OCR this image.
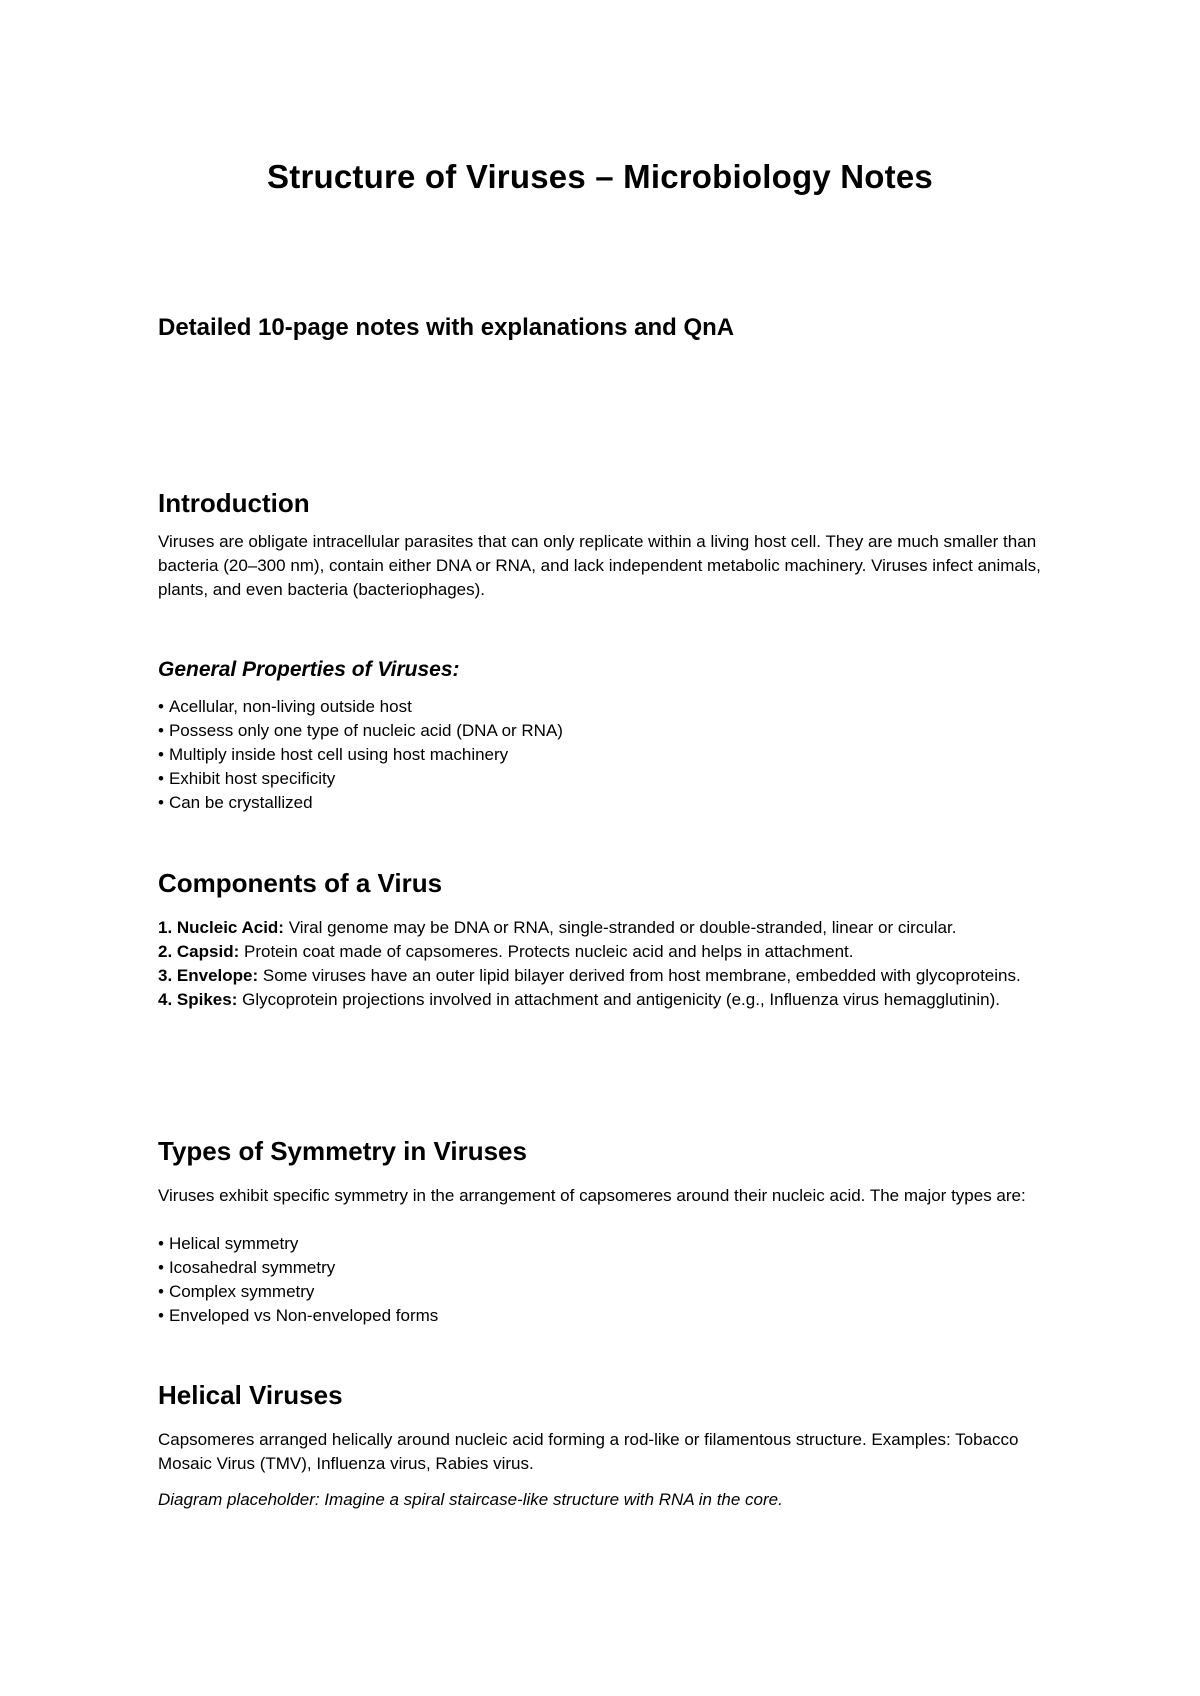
Structure of Viruses – Microbiology Notes
Detailed 10-page notes with explanations and QnA
Introduction

Viruses are obligate intracellular parasites that can only replicate within a living host cell. They are much smaller than bacteria (20–300 nm), contain either DNA or RNA, and lack independent metabolic machinery. Viruses infect animals, plants, and even bacteria (bacteriophages).

General Properties of Viruses:
• Acellular, non-living outside host
• Possess only one type of nucleic acid (DNA or RNA)
• Multiply inside host cell using host machinery
• Exhibit host specificity
• Can be crystallized
Components of a Virus
1. Nucleic Acid: Viral genome may be DNA or RNA, single-stranded or double-stranded, linear or circular.
2. Capsid: Protein coat made of capsomeres. Protects nucleic acid and helps in attachment.
3. Envelope: Some viruses have an outer lipid bilayer derived from host membrane, embedded with glycoproteins.
4. Spikes: Glycoprotein projections involved in attachment and antigenicity (e.g., Influenza virus hemagglutinin).
Types of Symmetry in Viruses

Viruses exhibit specific symmetry in the arrangement of capsomeres around their nucleic acid. The major types are:

• Helical symmetry
• Icosahedral symmetry
• Complex symmetry
• Enveloped vs Non-enveloped forms
Helical Viruses

Capsomeres arranged helically around nucleic acid forming a rod-like or filamentous structure. Examples: Tobacco Mosaic Virus (TMV), Influenza virus, Rabies virus.

Diagram placeholder: Imagine a spiral staircase-like structure with RNA in the core.
